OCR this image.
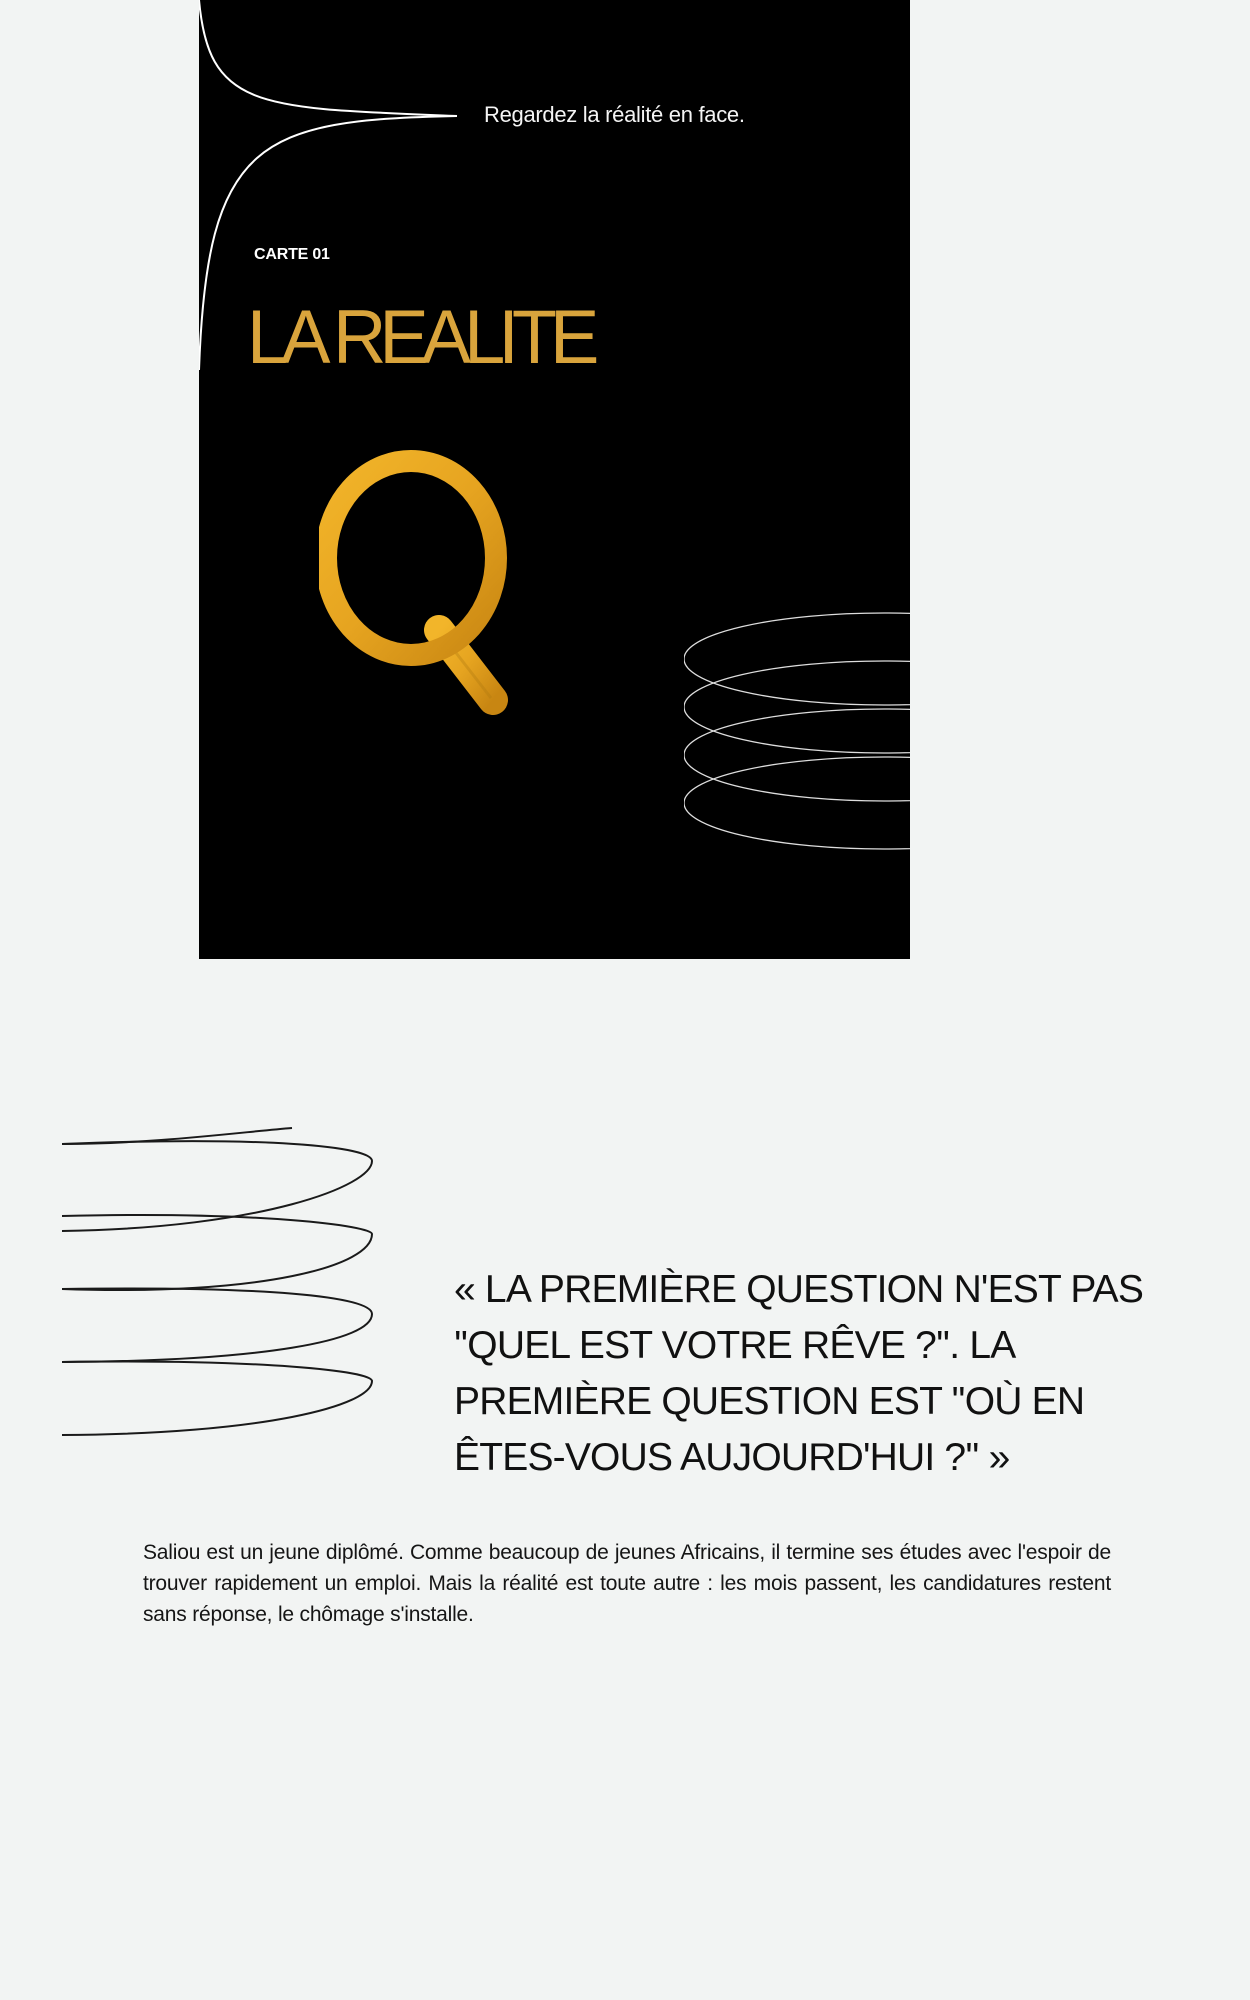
Regardez la réalité en face.
CARTE 01
LA REALITE
« LA PREMIÈRE QUESTION N'EST PAS ''QUEL EST VOTRE RÊVE ?''. LA PREMIÈRE QUESTION EST ''OÙ EN ÊTES-VOUS AUJOURD'HUI ?'' »
Saliou est un jeune diplômé. Comme beaucoup de jeunes Africains, il termine ses études avec l'espoir de trouver rapidement un emploi. Mais la réalité est toute autre : les mois passent, les candidatures restent sans réponse, le chômage s'installe.
